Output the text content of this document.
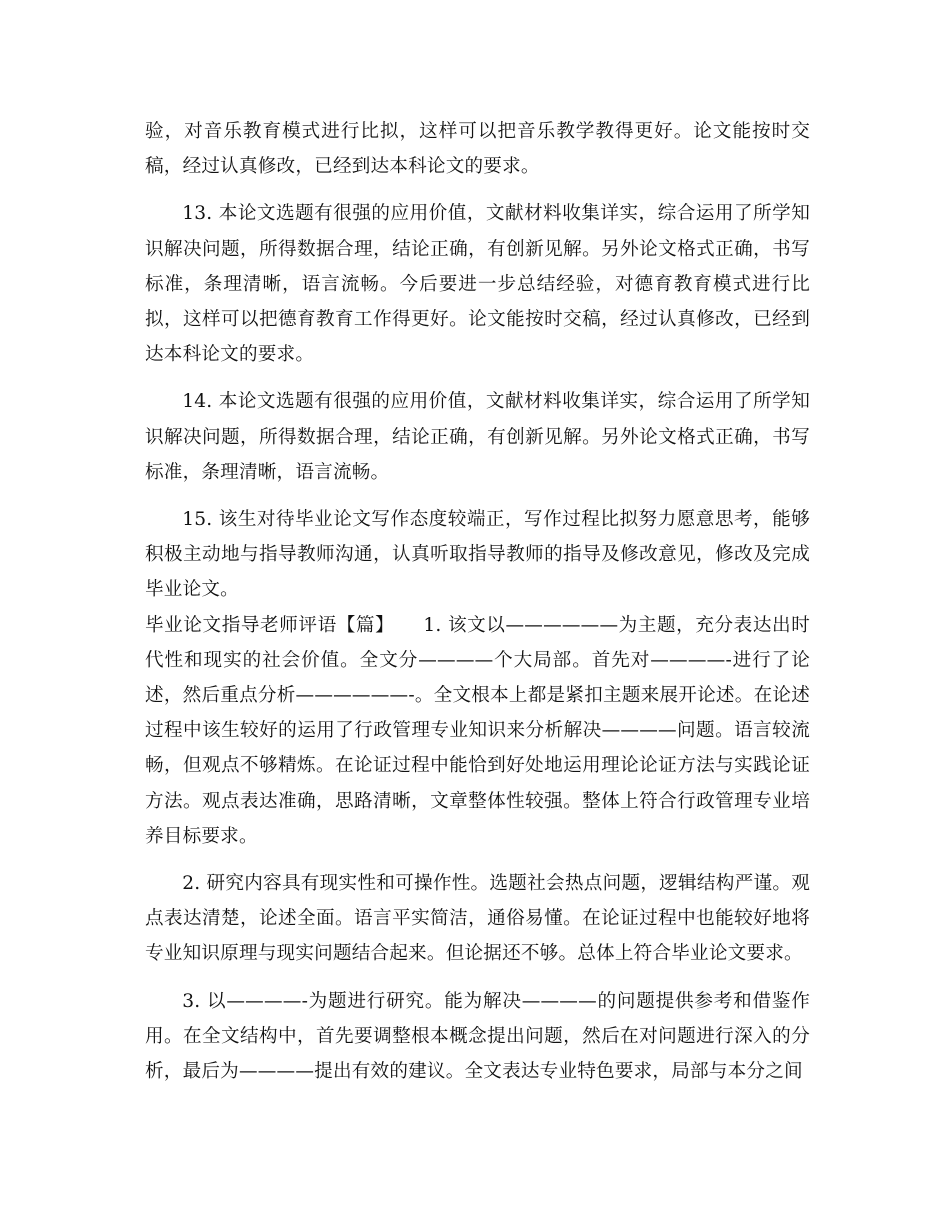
验，对音乐教育模式进行比拟，这样可以把音乐教学教得更好。论文能按时交稿，经过认真修改，已经到达本科论文的要求。

13. 本论文选题有很强的应用价值，文献材料收集详实，综合运用了所学知识解决问题，所得数据合理，结论正确，有创新见解。另外论文格式正确，书写标准，条理清晰，语言流畅。今后要进一步总结经验，对德育教育模式进行比拟，这样可以把德育教育工作得更好。论文能按时交稿，经过认真修改，已经到达本科论文的要求。

14. 本论文选题有很强的应用价值，文献材料收集详实，综合运用了所学知识解决问题，所得数据合理，结论正确，有创新见解。另外论文格式正确，书写标准，条理清晰，语言流畅。

15. 该生对待毕业论文写作态度较端正，写作过程比拟努力愿意思考，能够积极主动地与指导教师沟通，认真听取指导教师的指导及修改意见，修改及完成毕业论文。

毕业论文指导老师评语【篇】　　1. 该文以——————为主题，充分表达出时代性和现实的社会价值。全文分————个大局部。首先对————-进行了论述，然后重点分析——————-。全文根本上都是紧扣主题来展开论述。在论述过程中该生较好的运用了行政管理专业知识来分析解决————问题。语言较流畅，但观点不够精炼。在论证过程中能恰到好处地运用理论论证方法与实践论证方法。观点表达准确，思路清晰，文章整体性较强。整体上符合行政管理专业培养目标要求。

2. 研究内容具有现实性和可操作性。选题社会热点问题，逻辑结构严谨。观点表达清楚，论述全面。语言平实简洁，通俗易懂。在论证过程中也能较好地将专业知识原理与现实问题结合起来。但论据还不够。总体上符合毕业论文要求。

3. 以————-为题进行研究。能为解决————的问题提供参考和借鉴作用。在全文结构中，首先要调整根本概念提出问题，然后在对问题进行深入的分析，最后为————提出有效的建议。全文表达专业特色要求，局部与本分之间
